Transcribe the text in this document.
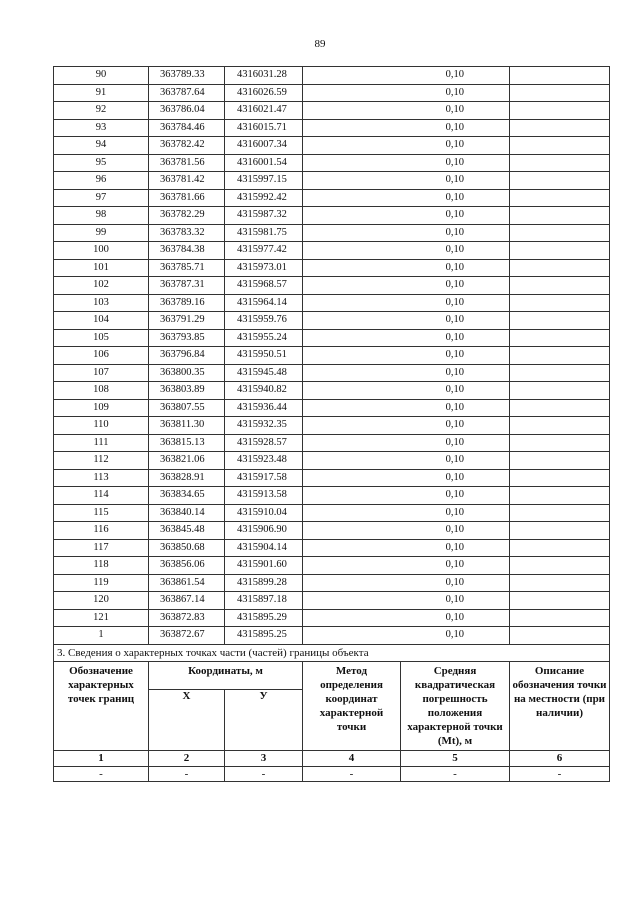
89
90	363789.33	4316031.28		0,10	
91	363787.64	4316026.59		0,10	
92	363786.04	4316021.47		0,10	
93	363784.46	4316015.71		0,10	
94	363782.42	4316007.34		0,10	
95	363781.56	4316001.54		0,10	
96	363781.42	4315997.15		0,10	
97	363781.66	4315992.42		0,10	
98	363782.29	4315987.32		0,10	
99	363783.32	4315981.75		0,10	
100	363784.38	4315977.42		0,10	
101	363785.71	4315973.01		0,10	
102	363787.31	4315968.57		0,10	
103	363789.16	4315964.14		0,10	
104	363791.29	4315959.76		0,10	
105	363793.85	4315955.24		0,10	
106	363796.84	4315950.51		0,10	
107	363800.35	4315945.48		0,10	
108	363803.89	4315940.82		0,10	
109	363807.55	4315936.44		0,10	
110	363811.30	4315932.35		0,10	
111	363815.13	4315928.57		0,10	
112	363821.06	4315923.48		0,10	
113	363828.91	4315917.58		0,10	
114	363834.65	4315913.58		0,10	
115	363840.14	4315910.04		0,10	
116	363845.48	4315906.90		0,10	
117	363850.68	4315904.14		0,10	
118	363856.06	4315901.60		0,10	
119	363861.54	4315899.28		0,10	
120	363867.14	4315897.18		0,10	
121	363872.83	4315895.29		0,10	
1	363872.67	4315895.25		0,10	
3. Сведения о характерных точках части (частей) границы объекта					
Обозначение характерных точек границ	Координаты, м		Метод определения координат характерной точки	Средняя квадратическая погрешность положения характерной точки (Mt), м	Описание обозначения точки на местности (при наличии)
	Х	У			
1	2	3	4	5	6
-	-	-	-	-	-
